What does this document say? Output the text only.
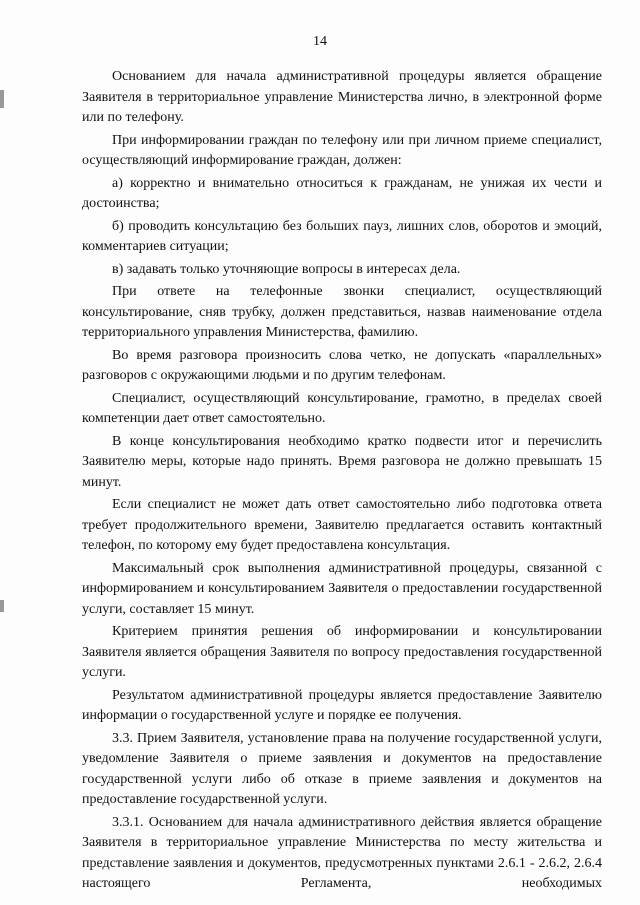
14

Основанием для начала административной процедуры является обращение Заявителя в территориальное управление Министерства лично, в электронной форме или по телефону.

При информировании граждан по телефону или при личном приеме специалист, осуществляющий информирование граждан, должен:

а) корректно и внимательно относиться к гражданам, не унижая их чести и достоинства;

б) проводить консультацию без больших пауз, лишних слов, оборотов и эмоций, комментариев ситуации;

в) задавать только уточняющие вопросы в интересах дела.

При ответе на телефонные звонки специалист, осуществляющий консультирование, сняв трубку, должен представиться, назвав наименование отдела территориального управления Министерства, фамилию.

Во время разговора произносить слова четко, не допускать «параллельных» разговоров с окружающими людьми и по другим телефонам.

Специалист, осуществляющий консультирование, грамотно, в пределах своей компетенции дает ответ самостоятельно.

В конце консультирования необходимо кратко подвести итог и перечислить Заявителю меры, которые надо принять. Время разговора не должно превышать 15 минут.

Если специалист не может дать ответ самостоятельно либо подготовка ответа требует продолжительного времени, Заявителю предлагается оставить контактный телефон, по которому ему будет предоставлена консультация.

Максимальный срок выполнения административной процедуры, связанной с информированием и консультированием Заявителя о предоставлении государственной услуги, составляет 15 минут.

Критерием принятия решения об информировании и консультировании Заявителя является обращения Заявителя по вопросу предоставления государственной услуги.

Результатом административной процедуры является предоставление Заявителю информации о государственной услуге и порядке ее получения.

3.3. Прием Заявителя, установление права на получение государственной услуги, уведомление Заявителя о приеме заявления и документов на предоставление государственной услуги либо об отказе в приеме заявления и документов на предоставление государственной услуги.

3.3.1. Основанием для начала административного действия является обращение Заявителя в территориальное управление Министерства по месту жительства и представление заявления и документов, предусмотренных пунктами 2.6.1 - 2.6.2, 2.6.4 настоящего Регламента, необходимых
